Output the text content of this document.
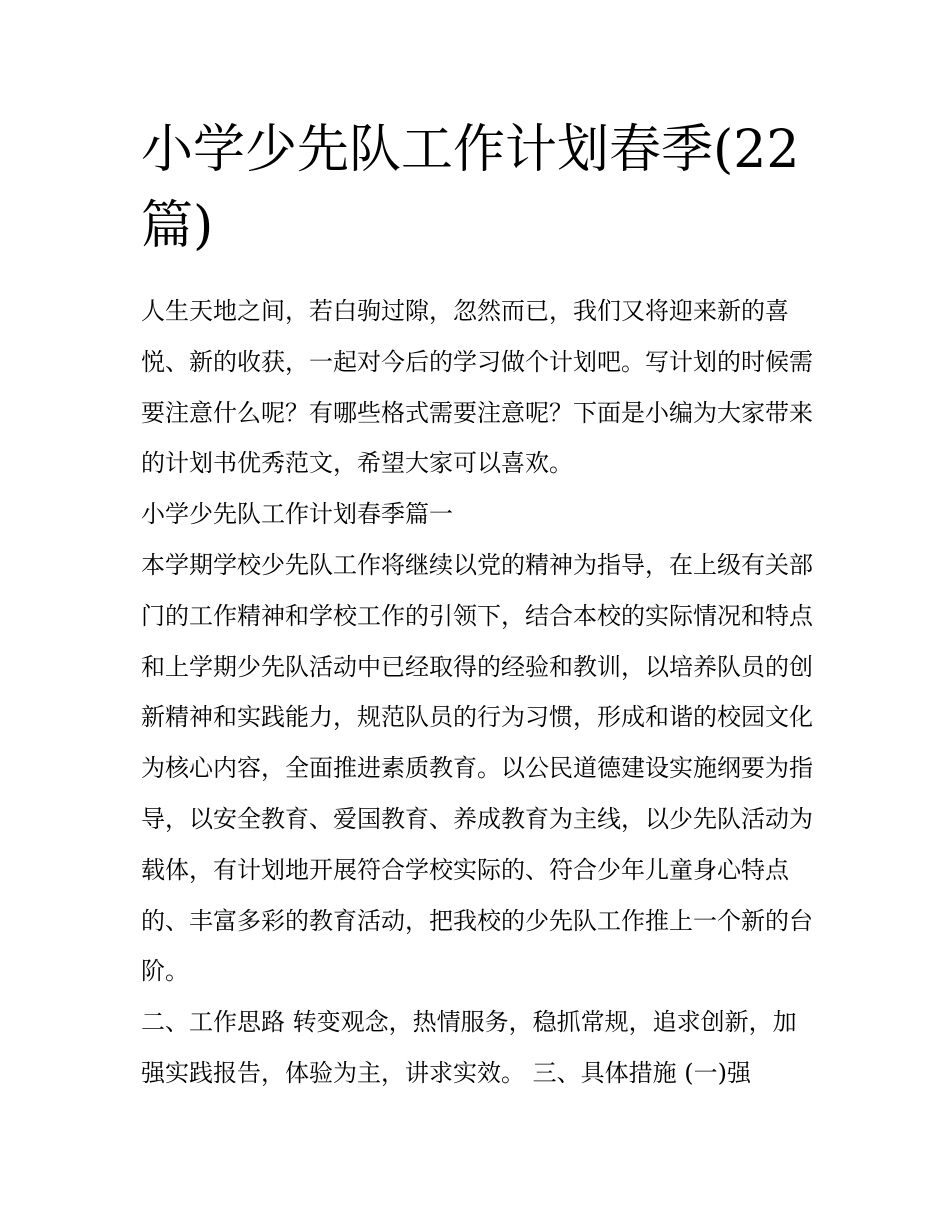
小学少先队工作计划春季(22篇)

人生天地之间，若白驹过隙，忽然而已，我们又将迎来新的喜悦、新的收获，一起对今后的学习做个计划吧。写计划的时候需要注意什么呢？有哪些格式需要注意呢？下面是小编为大家带来的计划书优秀范文，希望大家可以喜欢。

小学少先队工作计划春季篇一

本学期学校少先队工作将继续以党的精神为指导，在上级有关部门的工作精神和学校工作的引领下，结合本校的实际情况和特点和上学期少先队活动中已经取得的经验和教训，以培养队员的创新精神和实践能力，规范队员的行为习惯，形成和谐的校园文化为核心内容，全面推进素质教育。以公民道德建设实施纲要为指导，以安全教育、爱国教育、养成教育为主线，以少先队活动为载体，有计划地开展符合学校实际的、符合少年儿童身心特点的、丰富多彩的教育活动，把我校的少先队工作推上一个新的台阶。

二、工作思路 转变观念，热情服务，稳抓常规，追求创新，加强实践报告，体验为主，讲求实效。 三、具体措施 (一)强
